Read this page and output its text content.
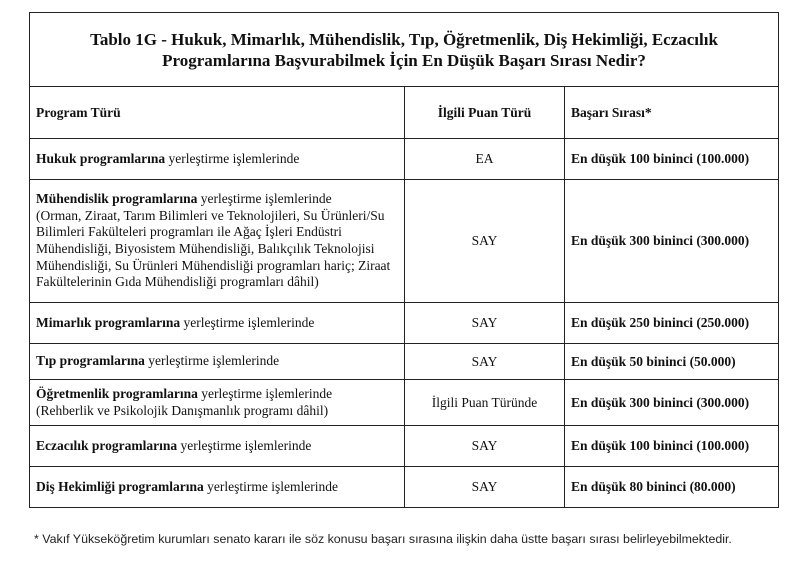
Tablo 1G - Hukuk, Mimarlık, Mühendislik, Tıp, Öğretmenlik, Diş Hekimliği, Eczacılık
Programlarına Başvurabilmek İçin En Düşük Başarı Sırası Nedir?		

Program Türü	İlgili Puan Türü	Başarı Sırası*
Hukuk programlarına yerleştirme işlemlerinde	EA	En düşük 100 bininci (100.000)
Mühendislik programlarına yerleştirme işlemlerinde
(Orman, Ziraat, Tarım Bilimleri ve Teknolojileri, Su Ürünleri/Su Bilimleri Fakülteleri programları ile Ağaç İşleri Endüstri Mühendisliği, Biyosistem Mühendisliği, Balıkçılık Teknolojisi Mühendisliği, Su Ürünleri Mühendisliği programları hariç; Ziraat Fakültelerinin Gıda Mühendisliği programları dâhil)	SAY	En düşük 300 bininci (300.000)
Mimarlık programlarına yerleştirme işlemlerinde	SAY	En düşük 250 bininci (250.000)
Tıp programlarına yerleştirme işlemlerinde	SAY	En düşük 50 bininci (50.000)
Öğretmenlik programlarına yerleştirme işlemlerinde
(Rehberlik ve Psikolojik Danışmanlık programı dâhil)	İlgili Puan Türünde	En düşük 300 bininci (300.000)
Eczacılık programlarına yerleştirme işlemlerinde	SAY	En düşük 100 bininci (100.000)
Diş Hekimliği programlarına yerleştirme işlemlerinde	SAY	En düşük 80 bininci (80.000)
* Vakıf Yükseköğretim kurumları senato kararı ile söz konusu başarı sırasına ilişkin daha üstte başarı sırası belirleyebilmektedir.
